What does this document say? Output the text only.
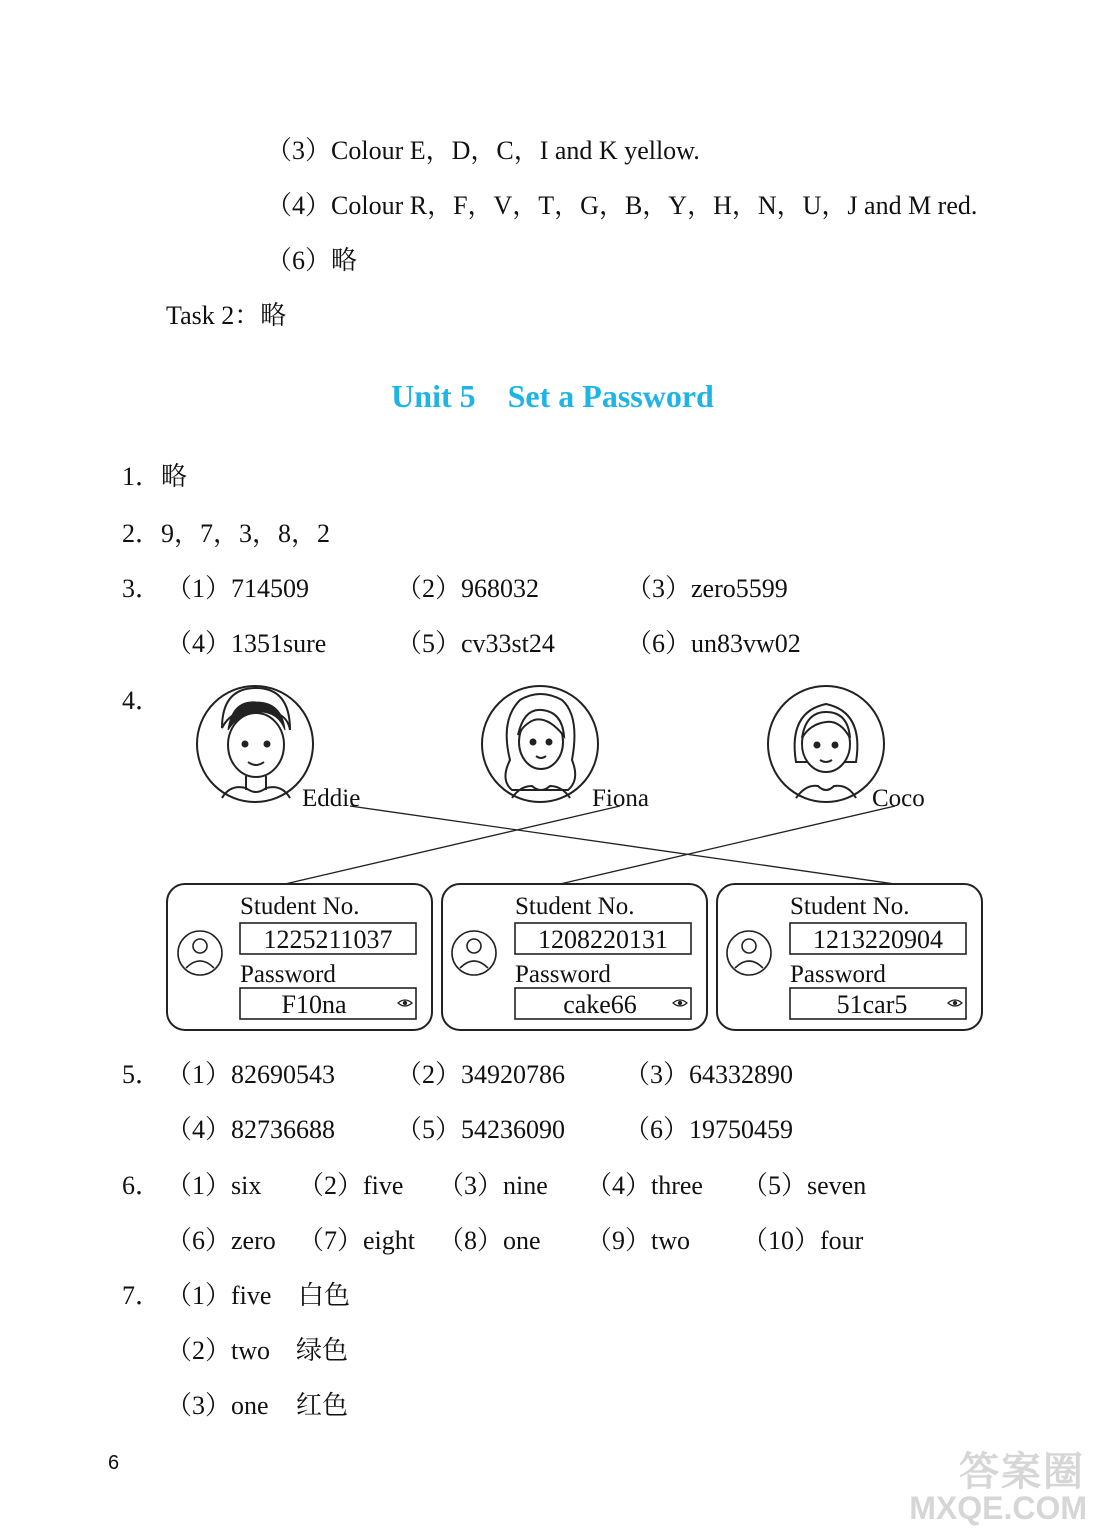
（3）Colour E，D，C，I and K yellow.
（4）Colour R，F，V，T，G，B，Y，H，N，U，J and M red.
（6）略
Task 2：略
Unit 5    Set a Password
1．略
2．9，7，3，8，2
3． （1）714509	（2）968032	（3）zero5599
（4）1351sure	（5）cv33st24	（6）un83vw02
4．
Eddie	Fiona	Coco
Student No.
1225211037
Password
F10na
Student No.
1208220131
Password
cake66
Student No.
1213220904
Password
51car5
5． （1）82690543 （2）34920786 （3）64332890
（4）82736688 （5）54236090 （6）19750459
6． （1）six （2）five （3）nine （4）three （5）seven
（6）zero （7）eight （8）one （9）two （10）four
7． （1）five 白色
（2）two 绿色
（3）one 红色
6	答案圈
MXQE.COM
